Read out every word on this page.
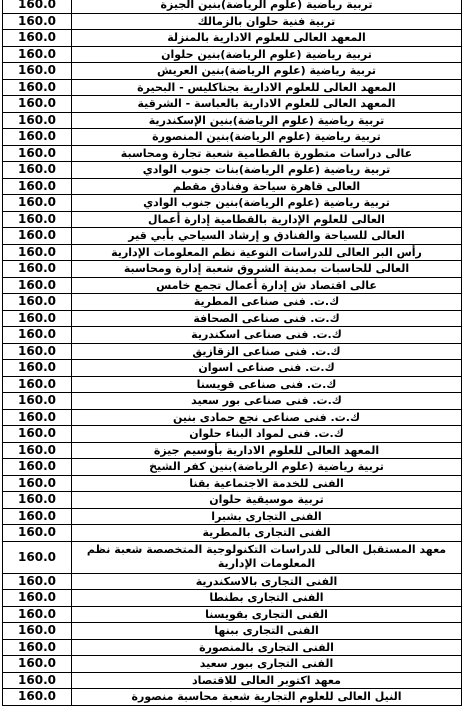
160.0	تربية رياضية (علوم الرياضة)بنين الجيزة
160.0	تربية فنية حلوان بالزمالك
160.0	المعهد العالى للعلوم الادارية بالمنزلة
160.0	تربية رياضية (علوم الرياضة)بنين حلوان
160.0	تربية رياضية (علوم الرياضة)بنين العريش
160.0	المعهد العالى للعلوم الادارية بجناكليس - البحيرة
160.0	المعهد العالى للعلوم الادارية بالعباسة - الشرقية
160.0	تربية رياضية (علوم الرياضة)بنين الإسكندرية
160.0	تربية رياضية (علوم الرياضة)بنين المنصورة
160.0	عالى دراسات متطورة بالقطامية شعبة تجارة ومحاسبة
160.0	تربية رياضية (علوم الرياضة)بنات جنوب الوادي
160.0	العالى قاهرة سياحة وفنادق مقطم
160.0	تربية رياضية (علوم الرياضة)بنين جنوب الوادي
160.0	العالى للعلوم الإدارية بالقطامية إدارة أعمال
160.0	العالى للسياحة والفنادق و إرشاد السياحي بأبي قير
160.0	رأس البر العالى للدراسات النوعية نظم المعلومات الإدارية
160.0	العالى للحاسبات بمدينة الشروق شعبة إدارة ومحاسبة
160.0	عالى اقتصاد ش إدارة أعمال تجمع خامس
160.0	ك.ت. فنى صناعى المطرية
160.0	ك.ت. فنى صناعى الصحافة
160.0	ك.ت. فنى صناعى اسكندرية
160.0	ك.ت. فنى صناعى الزقازيق
160.0	ك.ت. فنى صناعى اسوان
160.0	ك.ت. فنى صناعى قويسنا
160.0	ك.ت. فنى صناعى بور سعيد
160.0	ك.ت. فنى صناعى نجع حمادى بنين
160.0	ك.ت. فنى لمواد البناء حلوان
160.0	المعهد العالى للعلوم الادارية بأوسيم جيزة
160.0	تربية رياضية (علوم الرياضة)بنين كفر الشيخ
160.0	الفنى للخدمة الاجتماعية بقنا
160.0	تربية موسيقية حلوان
160.0	الفنى التجارى بشبرا
160.0	الفنى التجارى بالمطرية
160.0	معهد المستقبل العالى للدراسات التكنولوجية المتخصصة شعبة نظم المعلومات الإدارية
160.0	الفنى التجارى بالاسكندرية
160.0	الفنى التجارى بطنطا
160.0	الفنى التجارى بقويسنا
160.0	الفنى التجارى ببنها
160.0	الفنى التجارى بالمنصورة
160.0	الفنى التجارى ببور سعيد
160.0	معهد اكتوبر العالى للاقتصاد
160.0	النيل العالى للعلوم التجارية شعبة محاسبة منصورة
